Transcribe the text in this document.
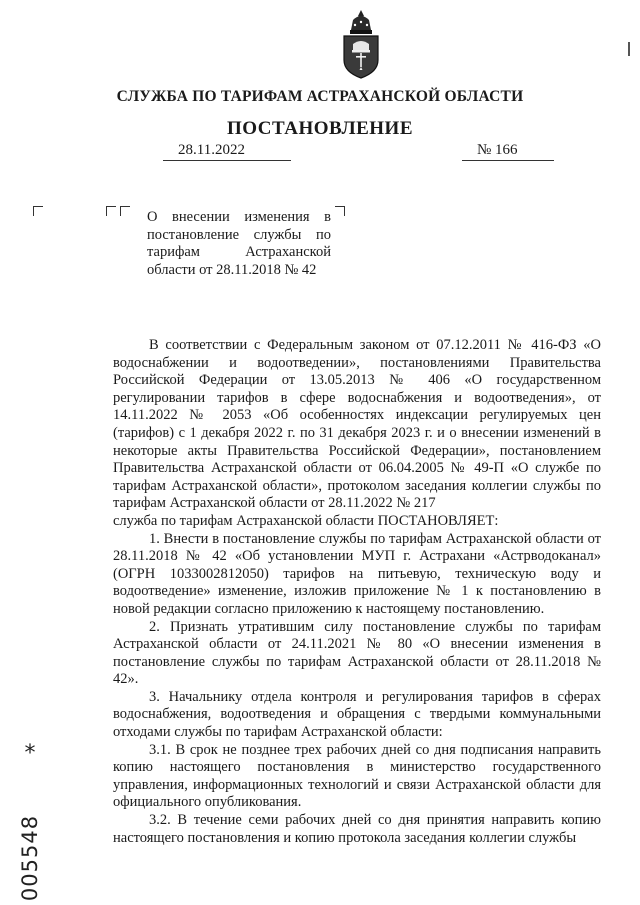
СЛУЖБА ПО ТАРИФАМ АСТРАХАНСКОЙ ОБЛАСТИ
ПОСТАНОВЛЕНИЕ
28.11.2022	№ 166
О внесении изменения в
постановление службы по
тарифам Астраханской
области от 28.11.2018 № 42

В соответствии с Федеральным законом от 07.12.2011 № 416-ФЗ «О водоснабжении и водоотведении», постановлениями Правительства Российской Федерации от 13.05.2013 № 406 «О государственном регулировании тарифов в сфере водоснабжения и водоотведения», от 14.11.2022 № 2053 «Об особенностях индексации регулируемых цен (тарифов) с 1 декабря 2022 г. по 31 декабря 2023 г. и о внесении изменений в некоторые акты Правительства Российской Федерации», постановлением Правительства Астраханской области от 06.04.2005 № 49-П «О службе по тарифам Астраханской области», протоколом заседания коллегии службы по тарифам Астраханской области от 28.11.2022 № 217

служба по тарифам Астраханской области ПОСТАНОВЛЯЕТ:

1. Внести в постановление службы по тарифам Астраханской области от 28.11.2018 № 42 «Об установлении МУП г. Астрахани «Астрводоканал» (ОГРН 1033002812050) тарифов на питьевую, техническую воду и водоотведение» изменение, изложив приложение № 1 к постановлению в новой редакции согласно приложению к настоящему постановлению.

2. Признать утратившим силу постановление службы по тарифам Астраханской области от 24.11.2021 № 80 «О внесении изменения в постановление службы по тарифам Астраханской области от 28.11.2018 № 42».

3. Начальнику отдела контроля и регулирования тарифов в сферах водоснабжения, водоотведения и обращения с твердыми коммунальными отходами службы по тарифам Астраханской области:

3.1. В срок не позднее трех рабочих дней со дня подписания направить копию настоящего постановления в министерство государственного управления, информационных технологий и связи Астраханской области для официального опубликования.

3.2. В течение семи рабочих дней со дня принятия направить копию настоящего постановления и копию протокола заседания коллегии службы

*
005548
